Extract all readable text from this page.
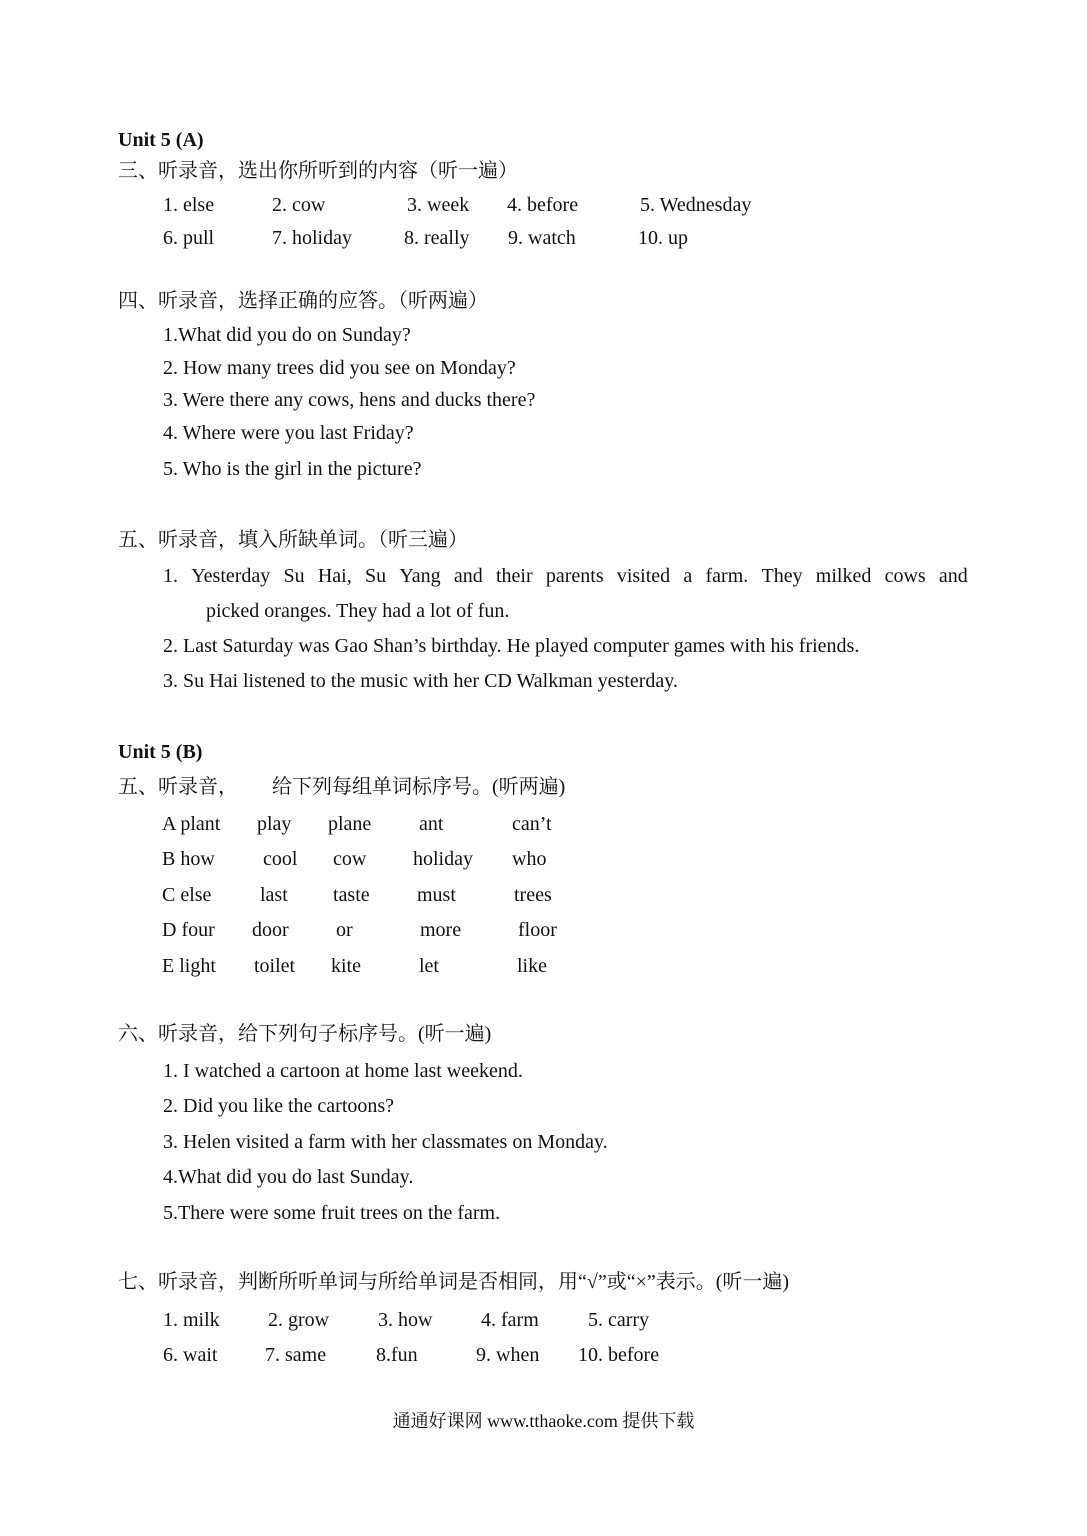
Unit 5 (A)
三、听录音，选出你所听到的内容（听一遍）
1. else	2. cow	3. week 4. before	5. Wednesday
6. pull	7. holiday	8. really 9. watch	10. up
四、听录音，选择正确的应答。（听两遍）
1.What did you do on Sunday?
2. How many trees did you see on Monday?
3. Were there any cows, hens and ducks there?
4. Where were you last Friday?
5. Who is the girl in the picture?
五、听录音，填入所缺单词。（听三遍）
1. Yesterday Su Hai, Su Yang and their parents visited a farm. They milked cows and
picked oranges. They had a lot of fun.
2. Last Saturday was Gao Shan’s birthday. He played computer games with his friends.
3. Su Hai listened to the music with her CD Walkman yesterday.
Unit 5 (B)
五、听录音， 给下列每组单词标序号。(听两遍)
A plant play plane ant	can’t
B how cool cow holiday who
C else last taste must	trees
D four door or	more	floor
E light toilet kite	let	like
六、听录音，给下列句子标序号。(听一遍)
1. I watched a cartoon at home last weekend.
2. Did you like the cartoons?
3. Helen visited a farm with her classmates on Monday.
4.What did you do last Sunday.
5.There were some fruit trees on the farm.
七、听录音，判断所听单词与所给单词是否相同，用“√”或“×”表示。(听一遍)
1. milk 2. grow 3. how 4. farm 5. carry
6. wait 7. same 8.fun	9. when 10. before
通通好课网 www.tthaoke.com 提供下载
